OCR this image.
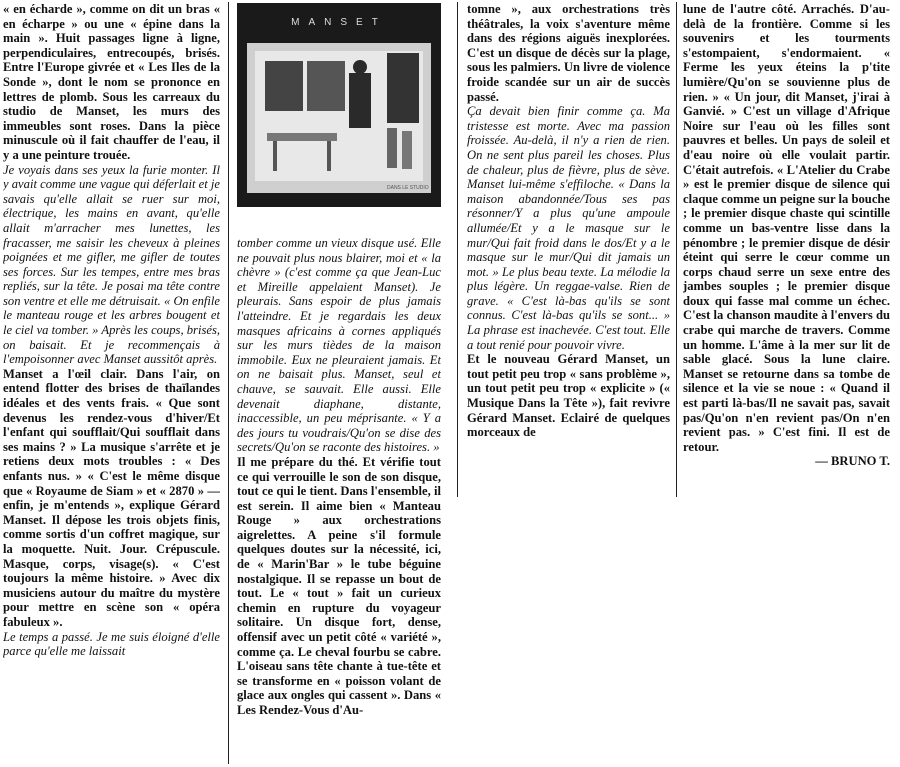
« en écharde », comme on dit un bras « en écharpe » ou une « épine dans la main ». Huit passages ligne à ligne, perpendiculaires, entrecoupés, brisés. Entre l'Europe givrée et « Les Iles de la Sonde », dont le nom se prononce en lettres de plomb. Sous les carreaux du studio de Manset, les murs des immeubles sont roses. Dans la pièce minuscule où il fait chauffer de l'eau, il y a une peinture trouée.

Je voyais dans ses yeux la furie monter. Il y avait comme une vague qui déferlait et je savais qu'elle allait se ruer sur moi, électrique, les mains en avant, qu'elle allait m'arracher mes lunettes, les fracasser, me saisir les cheveux à pleines poignées et me gifler, me gifler de toutes ses forces. Sur les tempes, entre mes bras repliés, sur la tête. Je posai ma tête contre son ventre et elle me détruisait. « On enfile le manteau rouge et les arbres bougent et le ciel va tomber. » Après les coups, brisés, on baisait. Et je recommençais à l'empoisonner avec Manset aussitôt après.

Manset a l'œil clair. Dans l'air, on entend flotter des brises de thaïlandes idéales et des vents frais. « Que sont devenus les rendez-vous d'hiver/Et l'enfant qui soufflait/Qui soufflait dans ses mains ? » La musique s'arrête et je retiens deux mots troubles : « Des enfants nus. » « C'est le même disque que « Royaume de Siam » et « 2870 » — enfin, je m'entends », explique Gérard Manset. Il dépose les trois objets finis, comme sortis d'un coffret magique, sur la moquette. Nuit. Jour. Crépuscule. Masque, corps, visage(s). « C'est toujours la même histoire. » Avec dix musiciens autour du maître du mystère pour mettre en scène son « opéra fabuleux ».

Le temps a passé. Je me suis éloigné d'elle parce qu'elle me laissait

MANSET
DANS LE STUDIO

tomber comme un vieux disque usé. Elle ne pouvait plus nous blairer, moi et « la chèvre » (c'est comme ça que Jean-Luc et Mireille appelaient Manset). Je pleurais. Sans espoir de plus jamais l'atteindre. Et je regardais les deux masques africains à cornes appliqués sur les murs tièdes de la maison immobile. Eux ne pleuraient jamais. Et on ne baisait plus. Manset, seul et chauve, se sauvait. Elle aussi. Elle devenait diaphane, distante, inaccessible, un peu méprisante. « Y a des jours tu voudrais/Qu'on se dise des secrets/Qu'on se raconte des histoires. »

Il me prépare du thé. Et vérifie tout ce qui verrouille le son de son disque, tout ce qui le tient. Dans l'ensemble, il est serein. Il aime bien « Manteau Rouge » aux orchestrations aigrelettes. A peine s'il formule quelques doutes sur la nécessité, ici, de « Marin'Bar » le tube béguine nostalgique. Il se repasse un bout de tout. Le « tout » fait un curieux chemin en rupture du voyageur solitaire. Un disque fort, dense, offensif avec un petit côté « variété », comme ça. Le cheval fourbu se cabre. L'oiseau sans tête chante à tue-tête et se transforme en « poisson volant de glace aux ongles qui cassent ». Dans « Les Rendez-Vous d'Au-

tomne », aux orchestrations très théâtrales, la voix s'aventure même dans des régions aiguës inexplorées. C'est un disque de décès sur la plage, sous les palmiers. Un livre de violence froide scandée sur un air de succès passé.

Ça devait bien finir comme ça. Ma tristesse est morte. Avec ma passion froissée. Au-delà, il n'y a rien de rien. On ne sent plus pareil les choses. Plus de chaleur, plus de fièvre, plus de sève. Manset lui-même s'effiloche. « Dans la maison abandonnée/Tous ses pas résonner/Y a plus qu'une ampoule allumée/Et y a le masque sur le mur/Qui fait froid dans le dos/Et y a le masque sur le mur/Qui dit jamais un mot. » Le plus beau texte. La mélodie la plus légère. Un reggae-valse. Rien de grave. « C'est là-bas qu'ils se sont connus. C'est là-bas qu'ils se sont... » La phrase est inachevée. C'est tout. Elle a tout renié pour pouvoir vivre.

Et le nouveau Gérard Manset, un tout petit peu trop « sans problème », un tout petit peu trop « explicite » (« Musique Dans la Tête »), fait revivre Gérard Manset. Eclairé de quelques morceaux de

lune de l'autre côté. Arrachés. D'au-delà de la frontière. Comme si les souvenirs et les tourments s'estompaient, s'endormaient. « Ferme les yeux éteins la p'tite lumière/Qu'on se souvienne plus de rien. » « Un jour, dit Manset, j'irai à Ganvié. » C'est un village d'Afrique Noire sur l'eau où les filles sont pauvres et belles. Un pays de soleil et d'eau noire où elle voulait partir. C'était autrefois. « L'Atelier du Crabe » est le premier disque de silence qui claque comme un peigne sur la bouche ; le premier disque chaste qui scintille comme un bas-ventre lisse dans la pénombre ; le premier disque de désir éteint qui serre le cœur comme un corps chaud serre un sexe entre des jambes souples ; le premier disque doux qui fasse mal comme un échec. C'est la chanson maudite à l'envers du crabe qui marche de travers. Comme un homme. L'âme à la mer sur lit de sable glacé. Sous la lune claire. Manset se retourne dans sa tombe de silence et la vie se noue : « Quand il est parti là-bas/Il ne savait pas, savait pas/Qu'on n'en revient pas/On n'en revient pas. » C'est fini. Il est de retour.

— BRUNO T.
